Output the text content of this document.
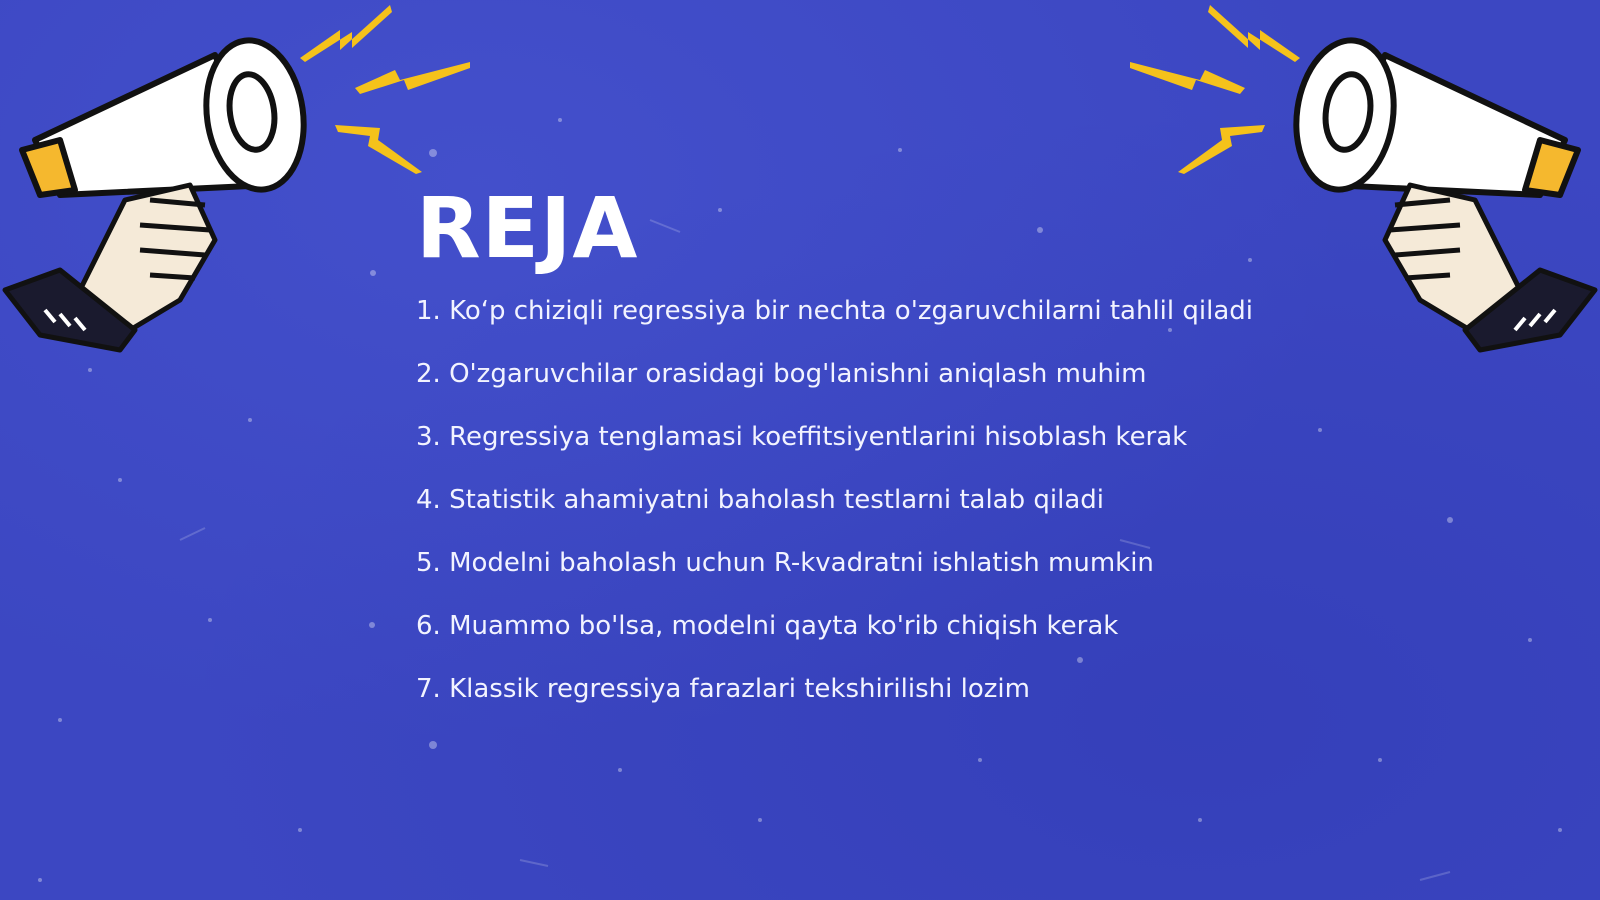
REJA
1. Ko‘p chiziqli regressiya bir nechta o'zgaruvchilarni tahlil qiladi
2. O'zgaruvchilar orasidagi bog'lanishni aniqlash muhim
3. Regressiya tenglamasi koeffitsiyentlarini hisoblash kerak
4. Statistik ahamiyatni baholash testlarni talab qiladi
5. Modelni baholash uchun R-kvadratni ishlatish mumkin
6. Muammo bo'lsa, modelni qayta ko'rib chiqish kerak
7. Klassik regressiya farazlari tekshirilishi lozim
